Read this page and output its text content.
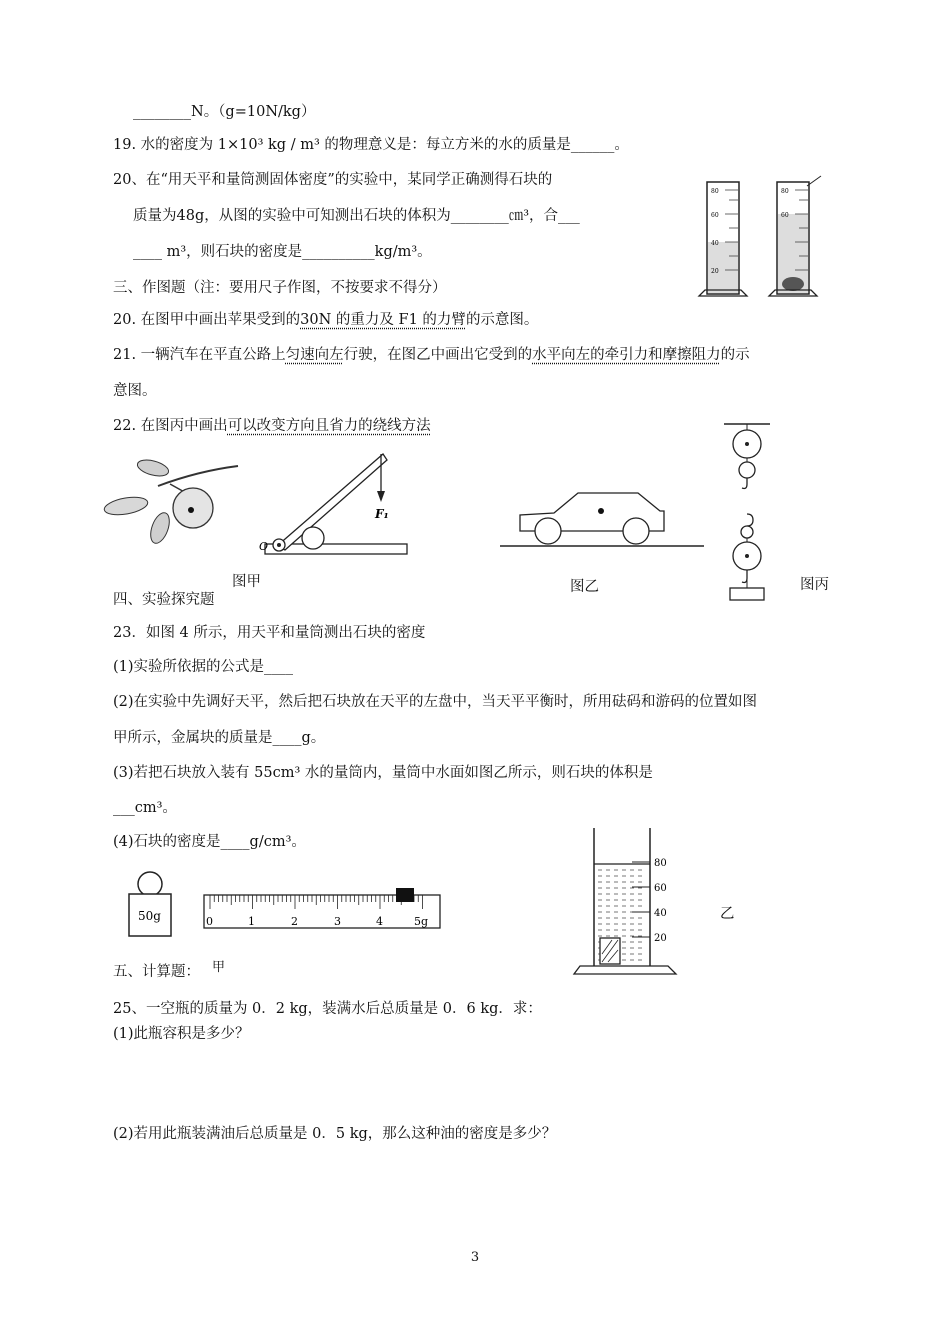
________N。（g=10N/kg）
19. 水的密度为 1×10³ kg / m³ 的物理意义是：每立方米的水的质量是______。
20、在“用天平和量筒测固体密度”的实验中，某同学正确测得石块的
质量为48g，从图的实验中可知测出石块的体积为________㎝³，合___
____ m³，则石块的密度是__________kg/m³。
三、作图题（注：要用尺子作图，不按要求不得分）
20. 在图甲中画出苹果受到的30N 的重力及 F1 的力臂的示意图。
21. 一辆汽车在平直公路上匀速向左行驶，在图乙中画出它受到的水平向左的牵引力和摩擦阻力的示
意图。
22. 在图丙中画出可以改变方向且省力的绕线方法
四、实验探究题
23．如图 4 所示，用天平和量筒测出石块的密度
(1)实验所依据的公式是____
(2)在实验中先调好天平，然后把石块放在天平的左盘中，当天平平衡时，所用砝码和游码的位置如图
甲所示，金属块的质量是____g。
(3)若把石块放入装有 55cm³ 水的量筒内，量筒中水面如图乙所示，则石块的体积是
___cm³。
(4)石块的密度是____g/cm³。
五、计算题：
25、一空瓶的质量为 0．2 kg，装满水后总质量是 0．6 kg．求：
(1)此瓶容积是多少？
(2)若用此瓶装满油后总质量是 0．5 kg，那么这种油的密度是多少？
80
60
40
20
80
60
图甲
O
F₁
图乙	图丙
50g	0	1	2	3	4	5g
甲
80
60
40
20
乙
3
